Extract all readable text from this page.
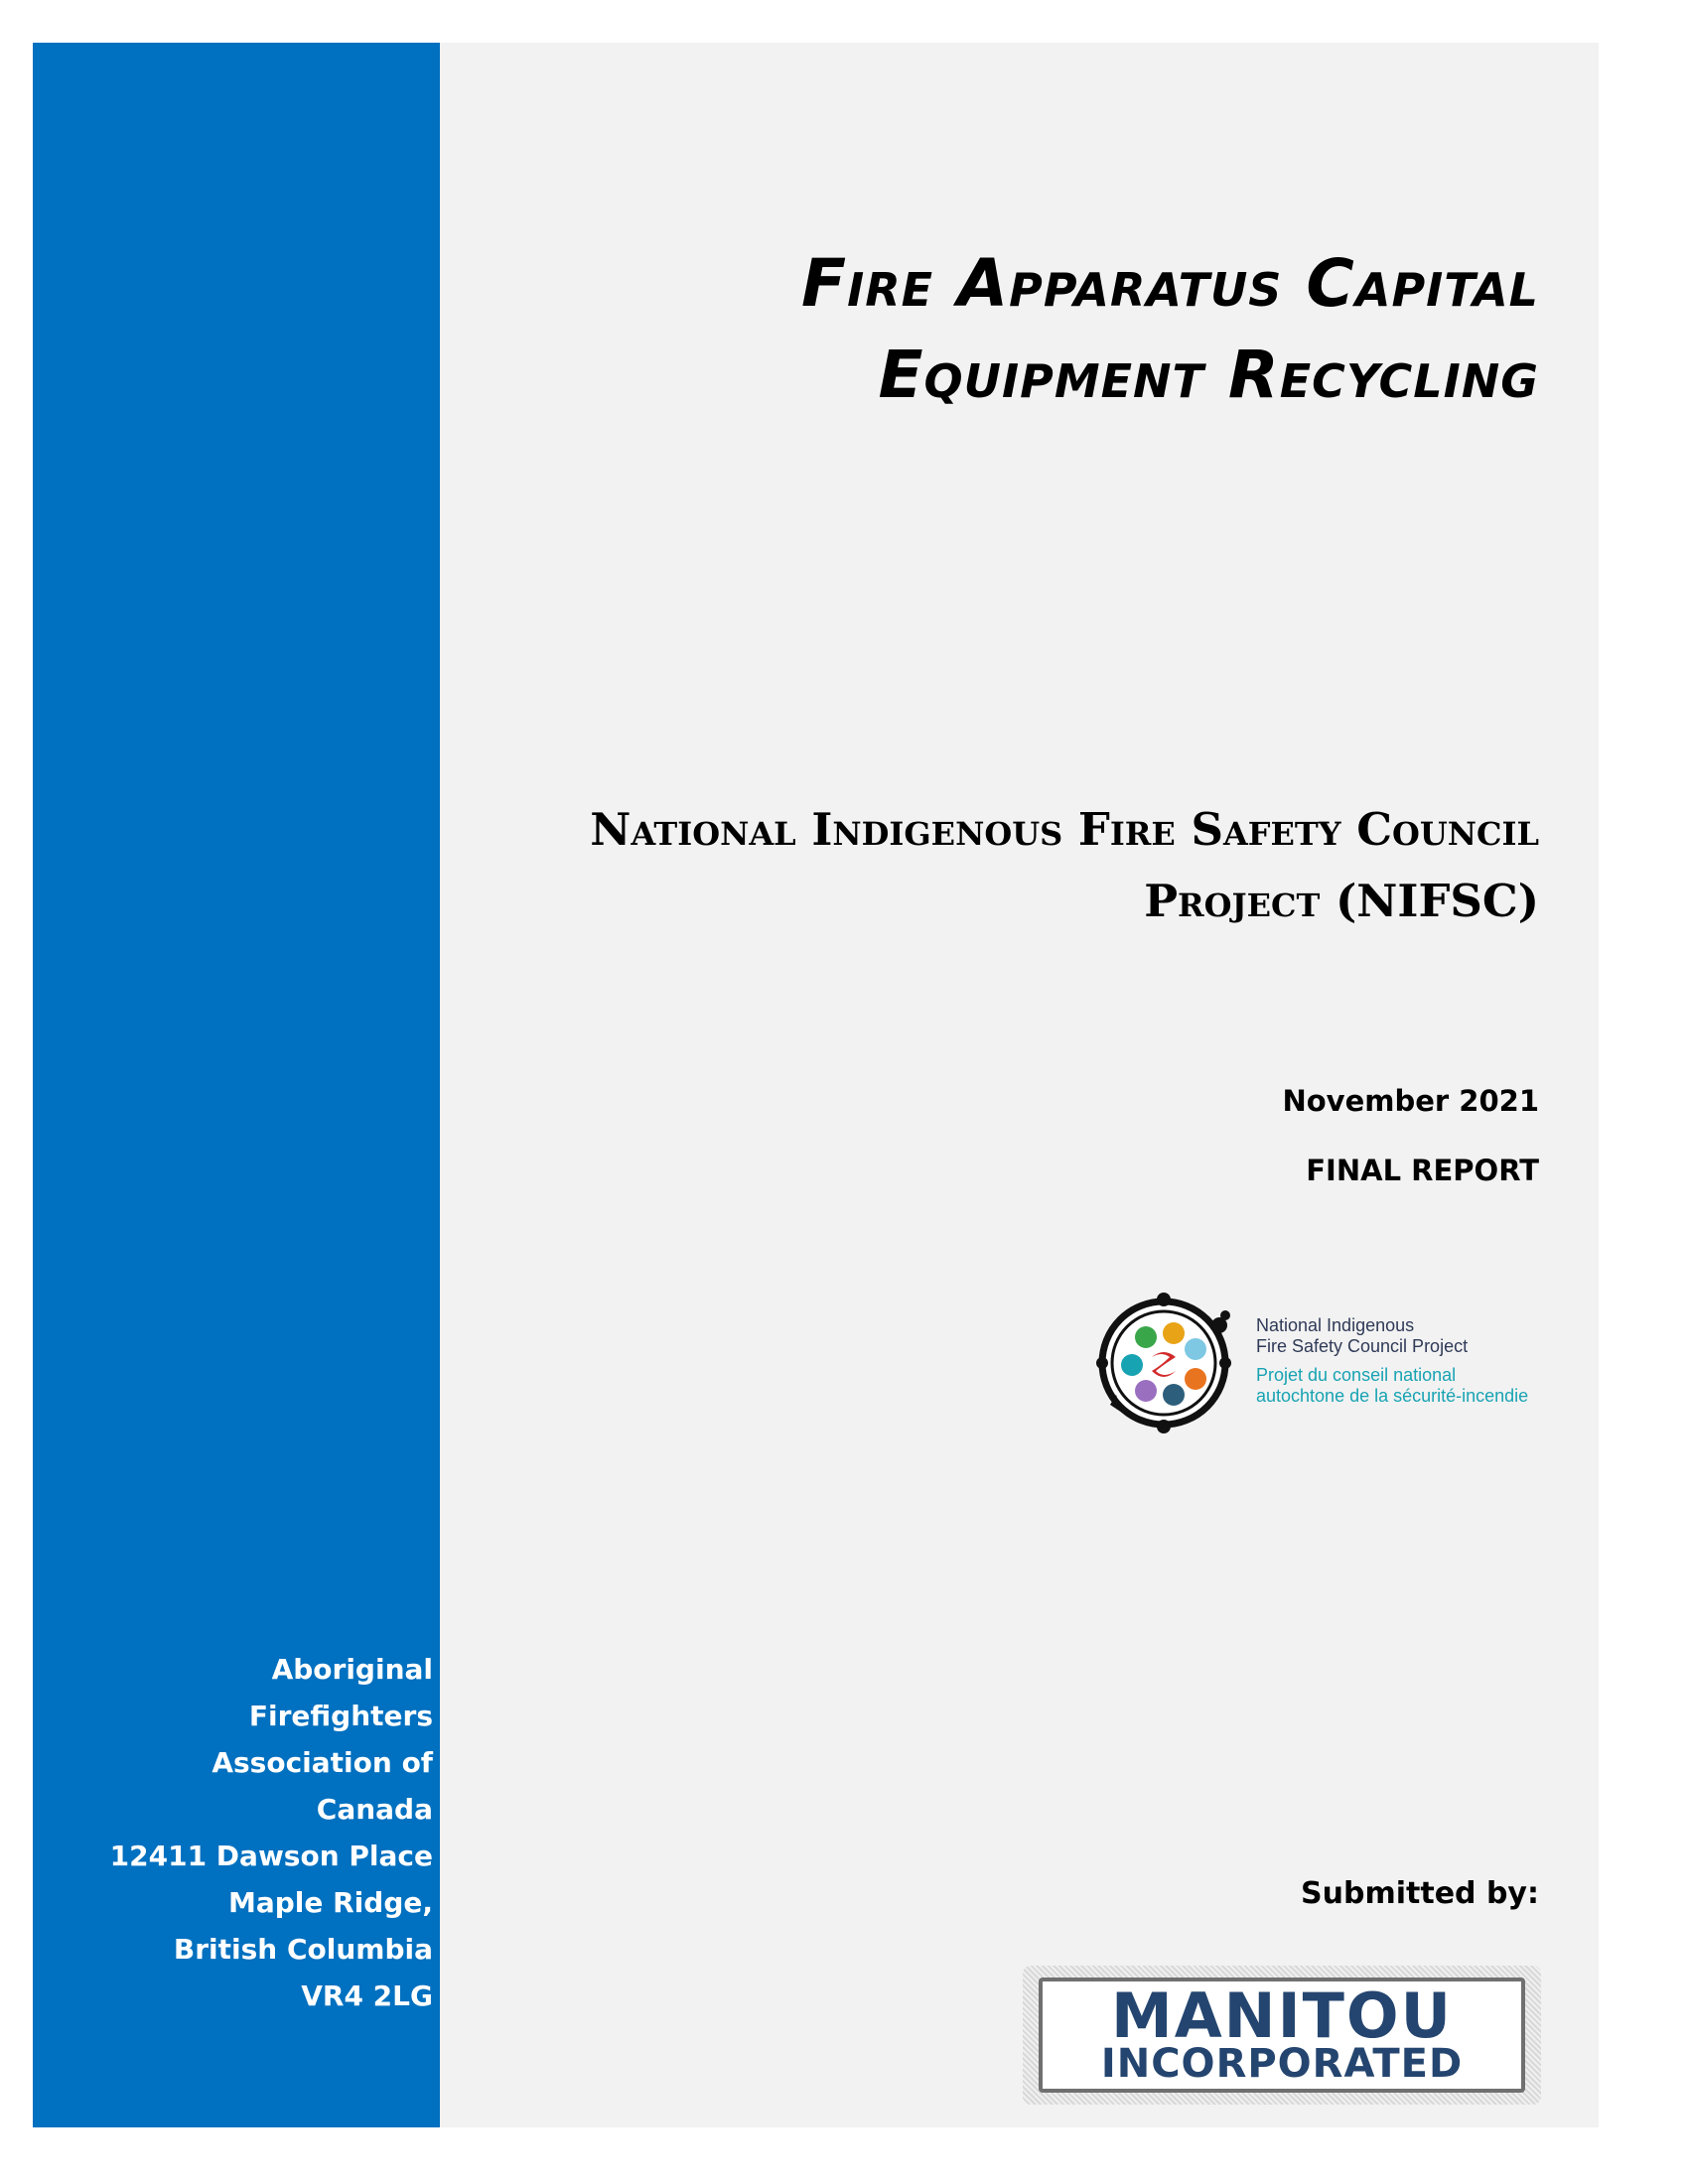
Aboriginal Firefighters
Association of
Canada
12411 Dawson Place
Maple Ridge,
British Columbia
VR4 2LG

Fire Apparatus Capital
Equipment Recycling
National Indigenous Fire Safety Council
Project (NIFSC)
November 2021
FINAL REPORT
National Indigenous
Fire Safety Council Project
Projet du conseil national
autochtone de la sécurité-incendie
Submitted by:
MANITOU
INCORPORATED
